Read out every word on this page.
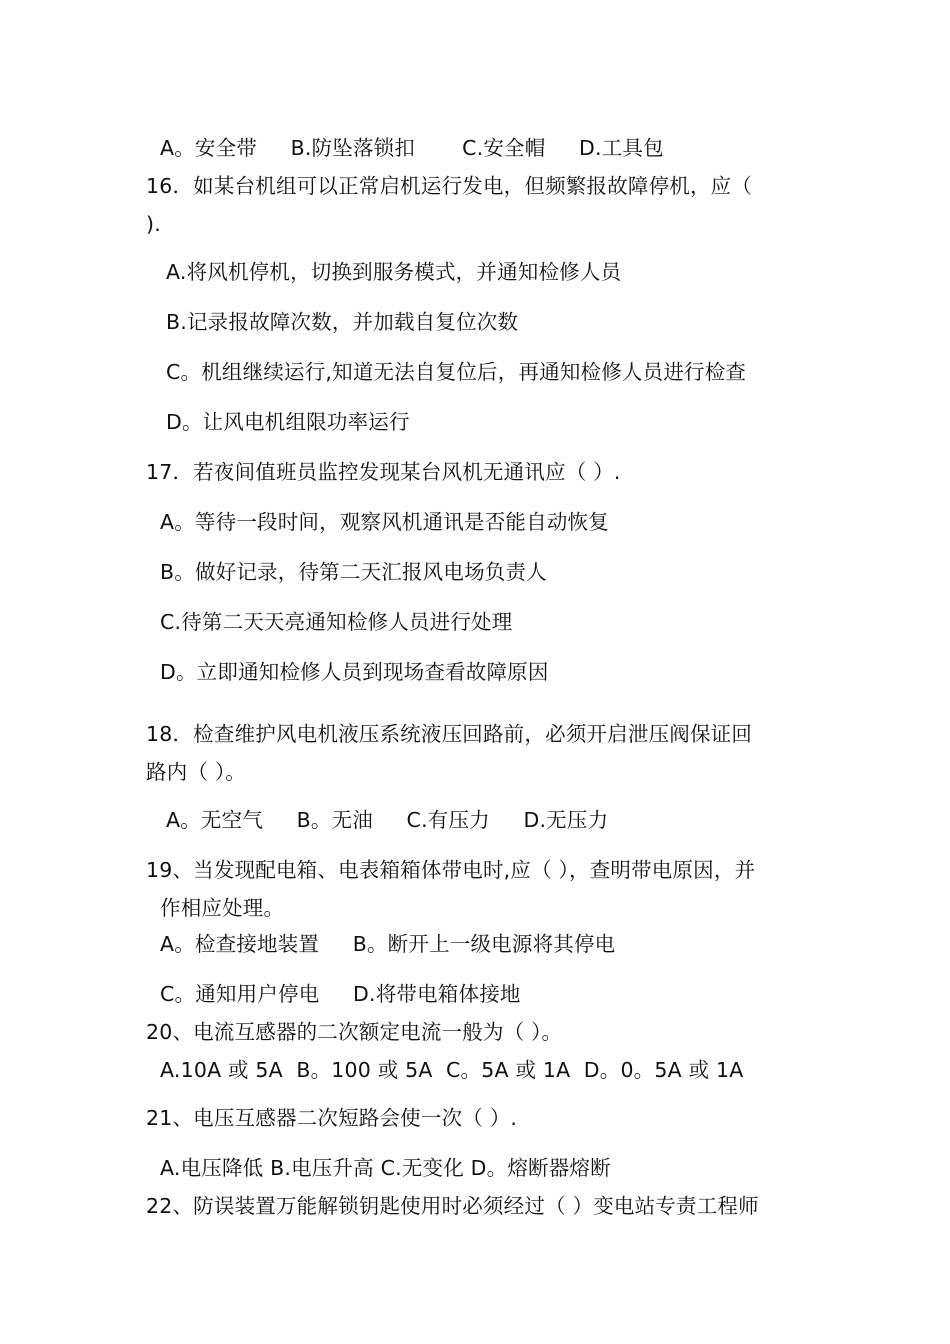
A。安全带     B.防坠落锁扣       C.安全帽     D.工具包
16．如某台机组可以正常启机运行发电，但频繁报故障停机，应（
).
A.将风机停机，切换到服务模式，并通知检修人员
B.记录报故障次数，并加载自复位次数
C。机组继续运行,知道无法自复位后，再通知检修人员进行检查
D。让风电机组限功率运行
17．若夜间值班员监控发现某台风机无通讯应（ ）.
A。等待一段时间，观察风机通讯是否能自动恢复
B。做好记录，待第二天汇报风电场负责人
C.待第二天天亮通知检修人员进行处理
D。立即通知检修人员到现场查看故障原因
18．检查维护风电机液压系统液压回路前，必须开启泄压阀保证回
路内（ ）。
A。无空气     B。无油     C.有压力     D.无压力
19、当发现配电箱、电表箱箱体带电时,应（ ），查明带电原因，并
作相应处理。
A。检查接地装置     B。断开上一级电源将其停电
C。通知用户停电     D.将带电箱体接地
20、电流互感器的二次额定电流一般为（ ）。
A.10A 或 5A  B。100 或 5A  C。5A 或 1A  D。0。5A 或 1A
21、电压互感器二次短路会使一次（ ）.
A.电压降低 B.电压升高 C.无变化 D。熔断器熔断
22、防误装置万能解锁钥匙使用时必须经过（ ）变电站专责工程师
